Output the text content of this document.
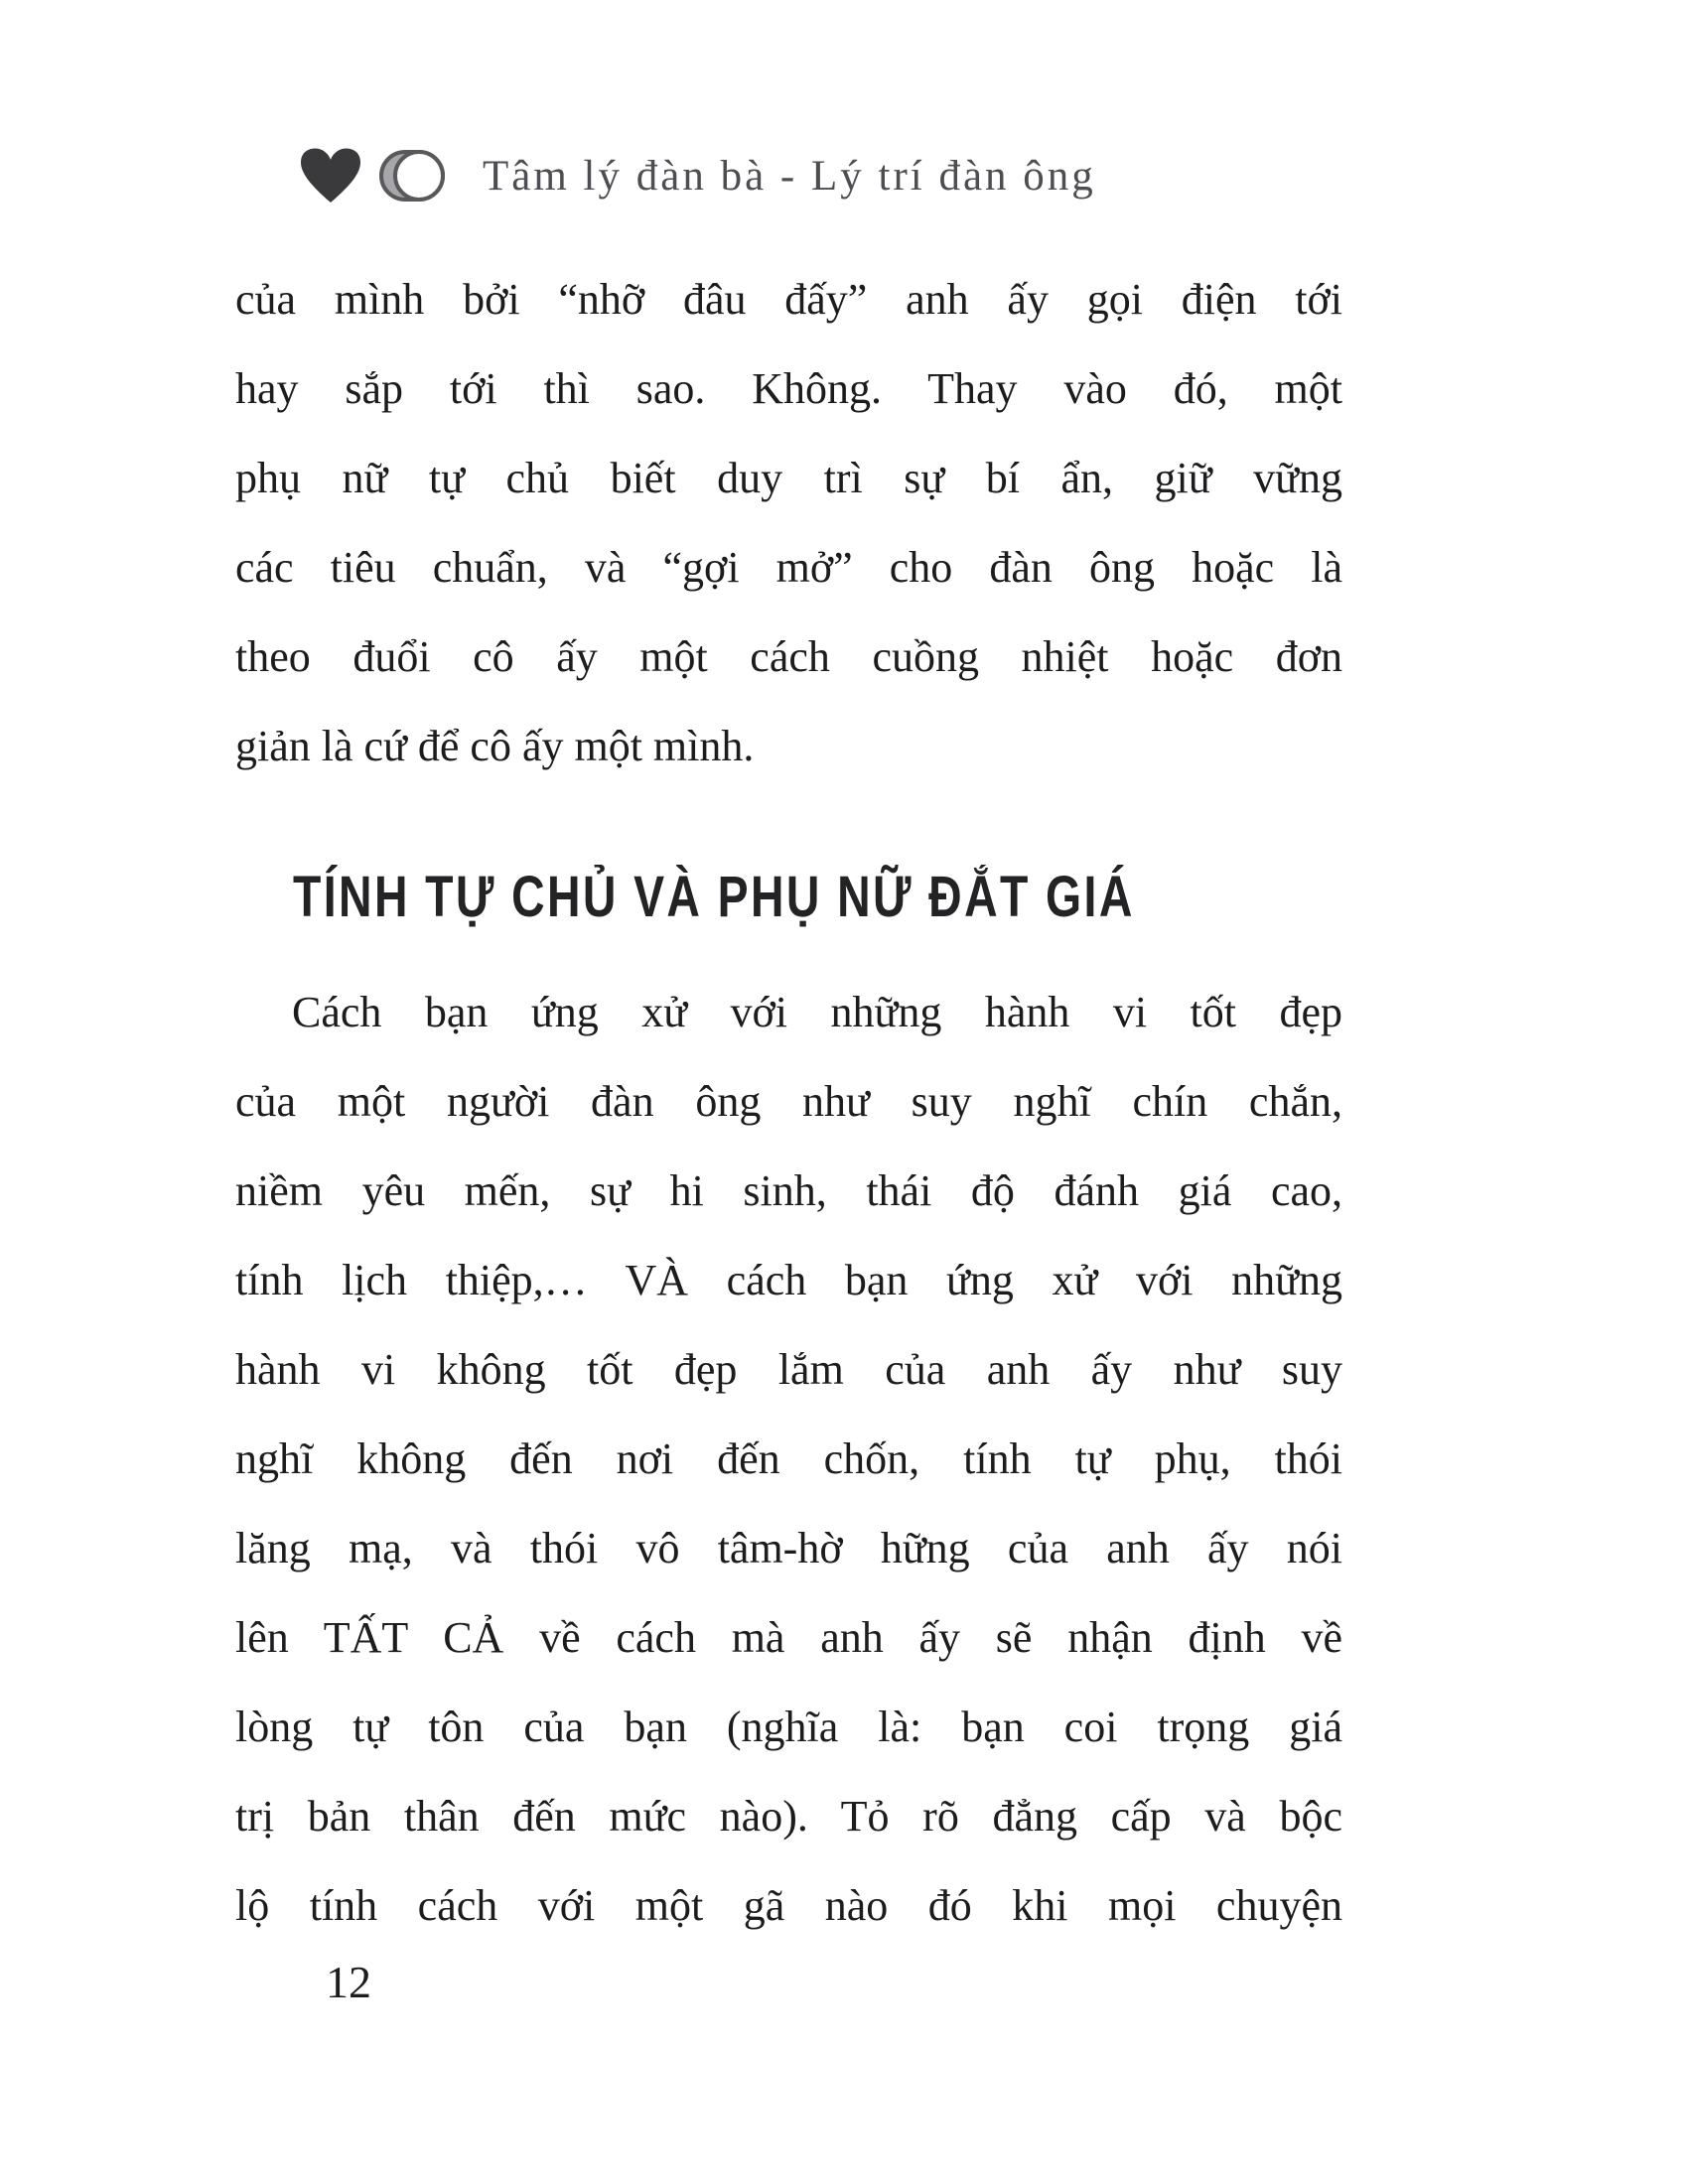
Tâm lý đàn bà - Lý trí đàn ông
của mình bởi “nhỡ đâu đấy” anh ấy gọi điện tới
hay sắp tới thì sao. Không. Thay vào đó, một
phụ nữ tự chủ biết duy trì sự bí ẩn, giữ vững
các tiêu chuẩn, và “gợi mở” cho đàn ông hoặc là
theo đuổi cô ấy một cách cuồng nhiệt hoặc đơn
giản là cứ để cô ấy một mình.
TÍNH TỰ CHỦ VÀ PHỤ NỮ ĐẮT GIÁ
Cách bạn ứng xử với những hành vi tốt đẹp
của một người đàn ông như suy nghĩ chín chắn,
niềm yêu mến, sự hi sinh, thái độ đánh giá cao,
tính lịch thiệp,… VÀ cách bạn ứng xử với những
hành vi không tốt đẹp lắm của anh ấy như suy
nghĩ không đến nơi đến chốn, tính tự phụ, thói
lăng mạ, và thói vô tâm-hờ hững của anh ấy nói
lên TẤT CẢ về cách mà anh ấy sẽ nhận định về
lòng tự tôn của bạn (nghĩa là: bạn coi trọng giá
trị bản thân đến mức nào). Tỏ rõ đẳng cấp và bộc
lộ tính cách với một gã nào đó khi mọi chuyện
12
